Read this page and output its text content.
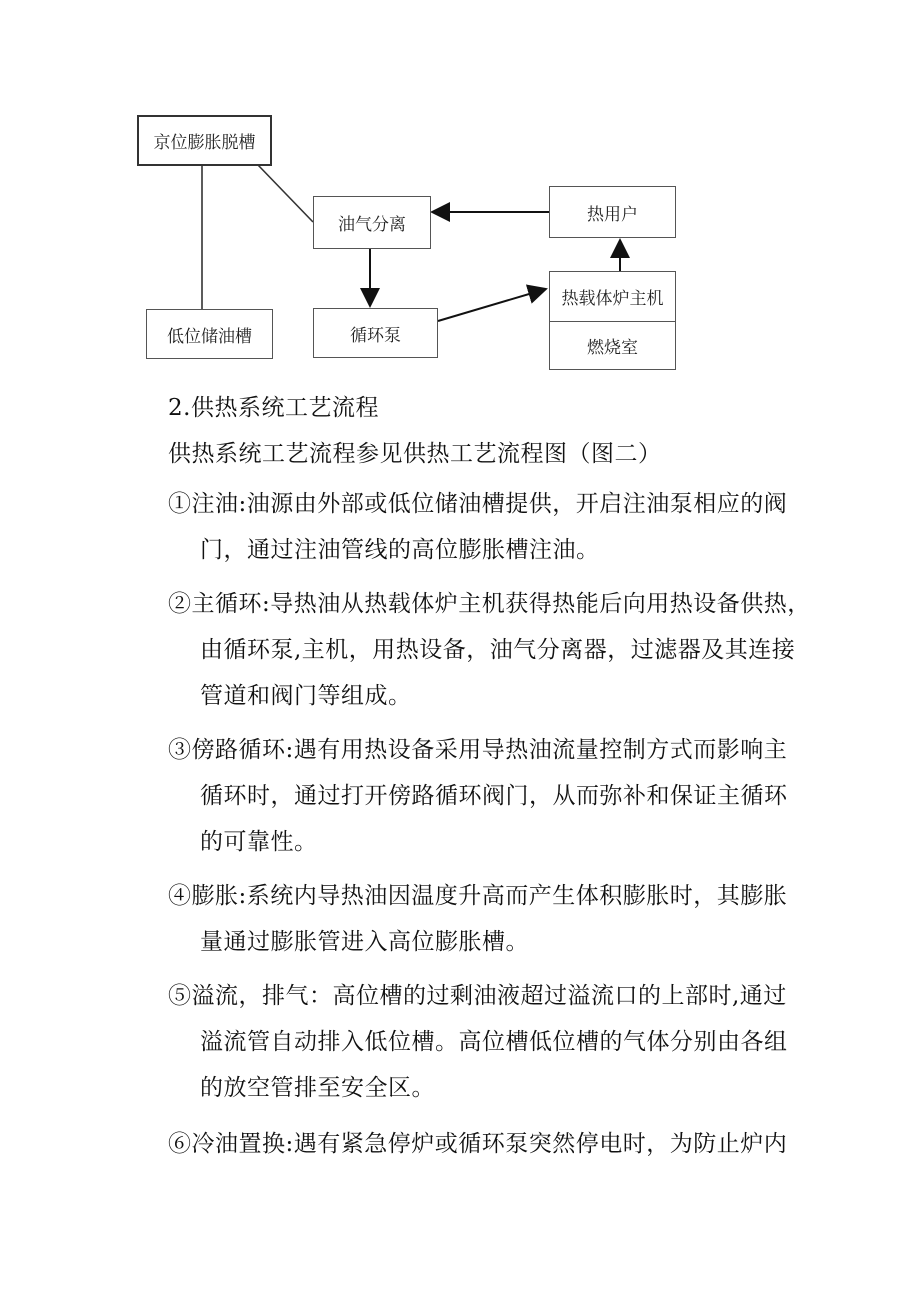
京位膨胀脱槽
油气分离
热用户
低位储油槽	循环泵
热载体炉主机
燃烧室

2.供热系统工艺流程

供热系统工艺流程参见供热工艺流程图（图二）

①注油:油源由外部或低位储油槽提供，开启注油泵相应的阀

门，通过注油管线的高位膨胀槽注油。

②主循环:导热油从热载体炉主机获得热能后向用热设备供热，

由循环泵,主机，用热设备，油气分离器，过滤器及其连接

管道和阀门等组成。

③傍路循环:遇有用热设备采用导热油流量控制方式而影响主

循环时，通过打开傍路循环阀门，从而弥补和保证主循环

的可靠性。

④膨胀:系统内导热油因温度升高而产生体积膨胀时，其膨胀

量通过膨胀管进入高位膨胀槽。

⑤溢流，排气：高位槽的过剩油液超过溢流口的上部时,通过

溢流管自动排入低位槽。高位槽低位槽的气体分别由各组

的放空管排至安全区。

⑥冷油置换:遇有紧急停炉或循环泵突然停电时，为防止炉内
